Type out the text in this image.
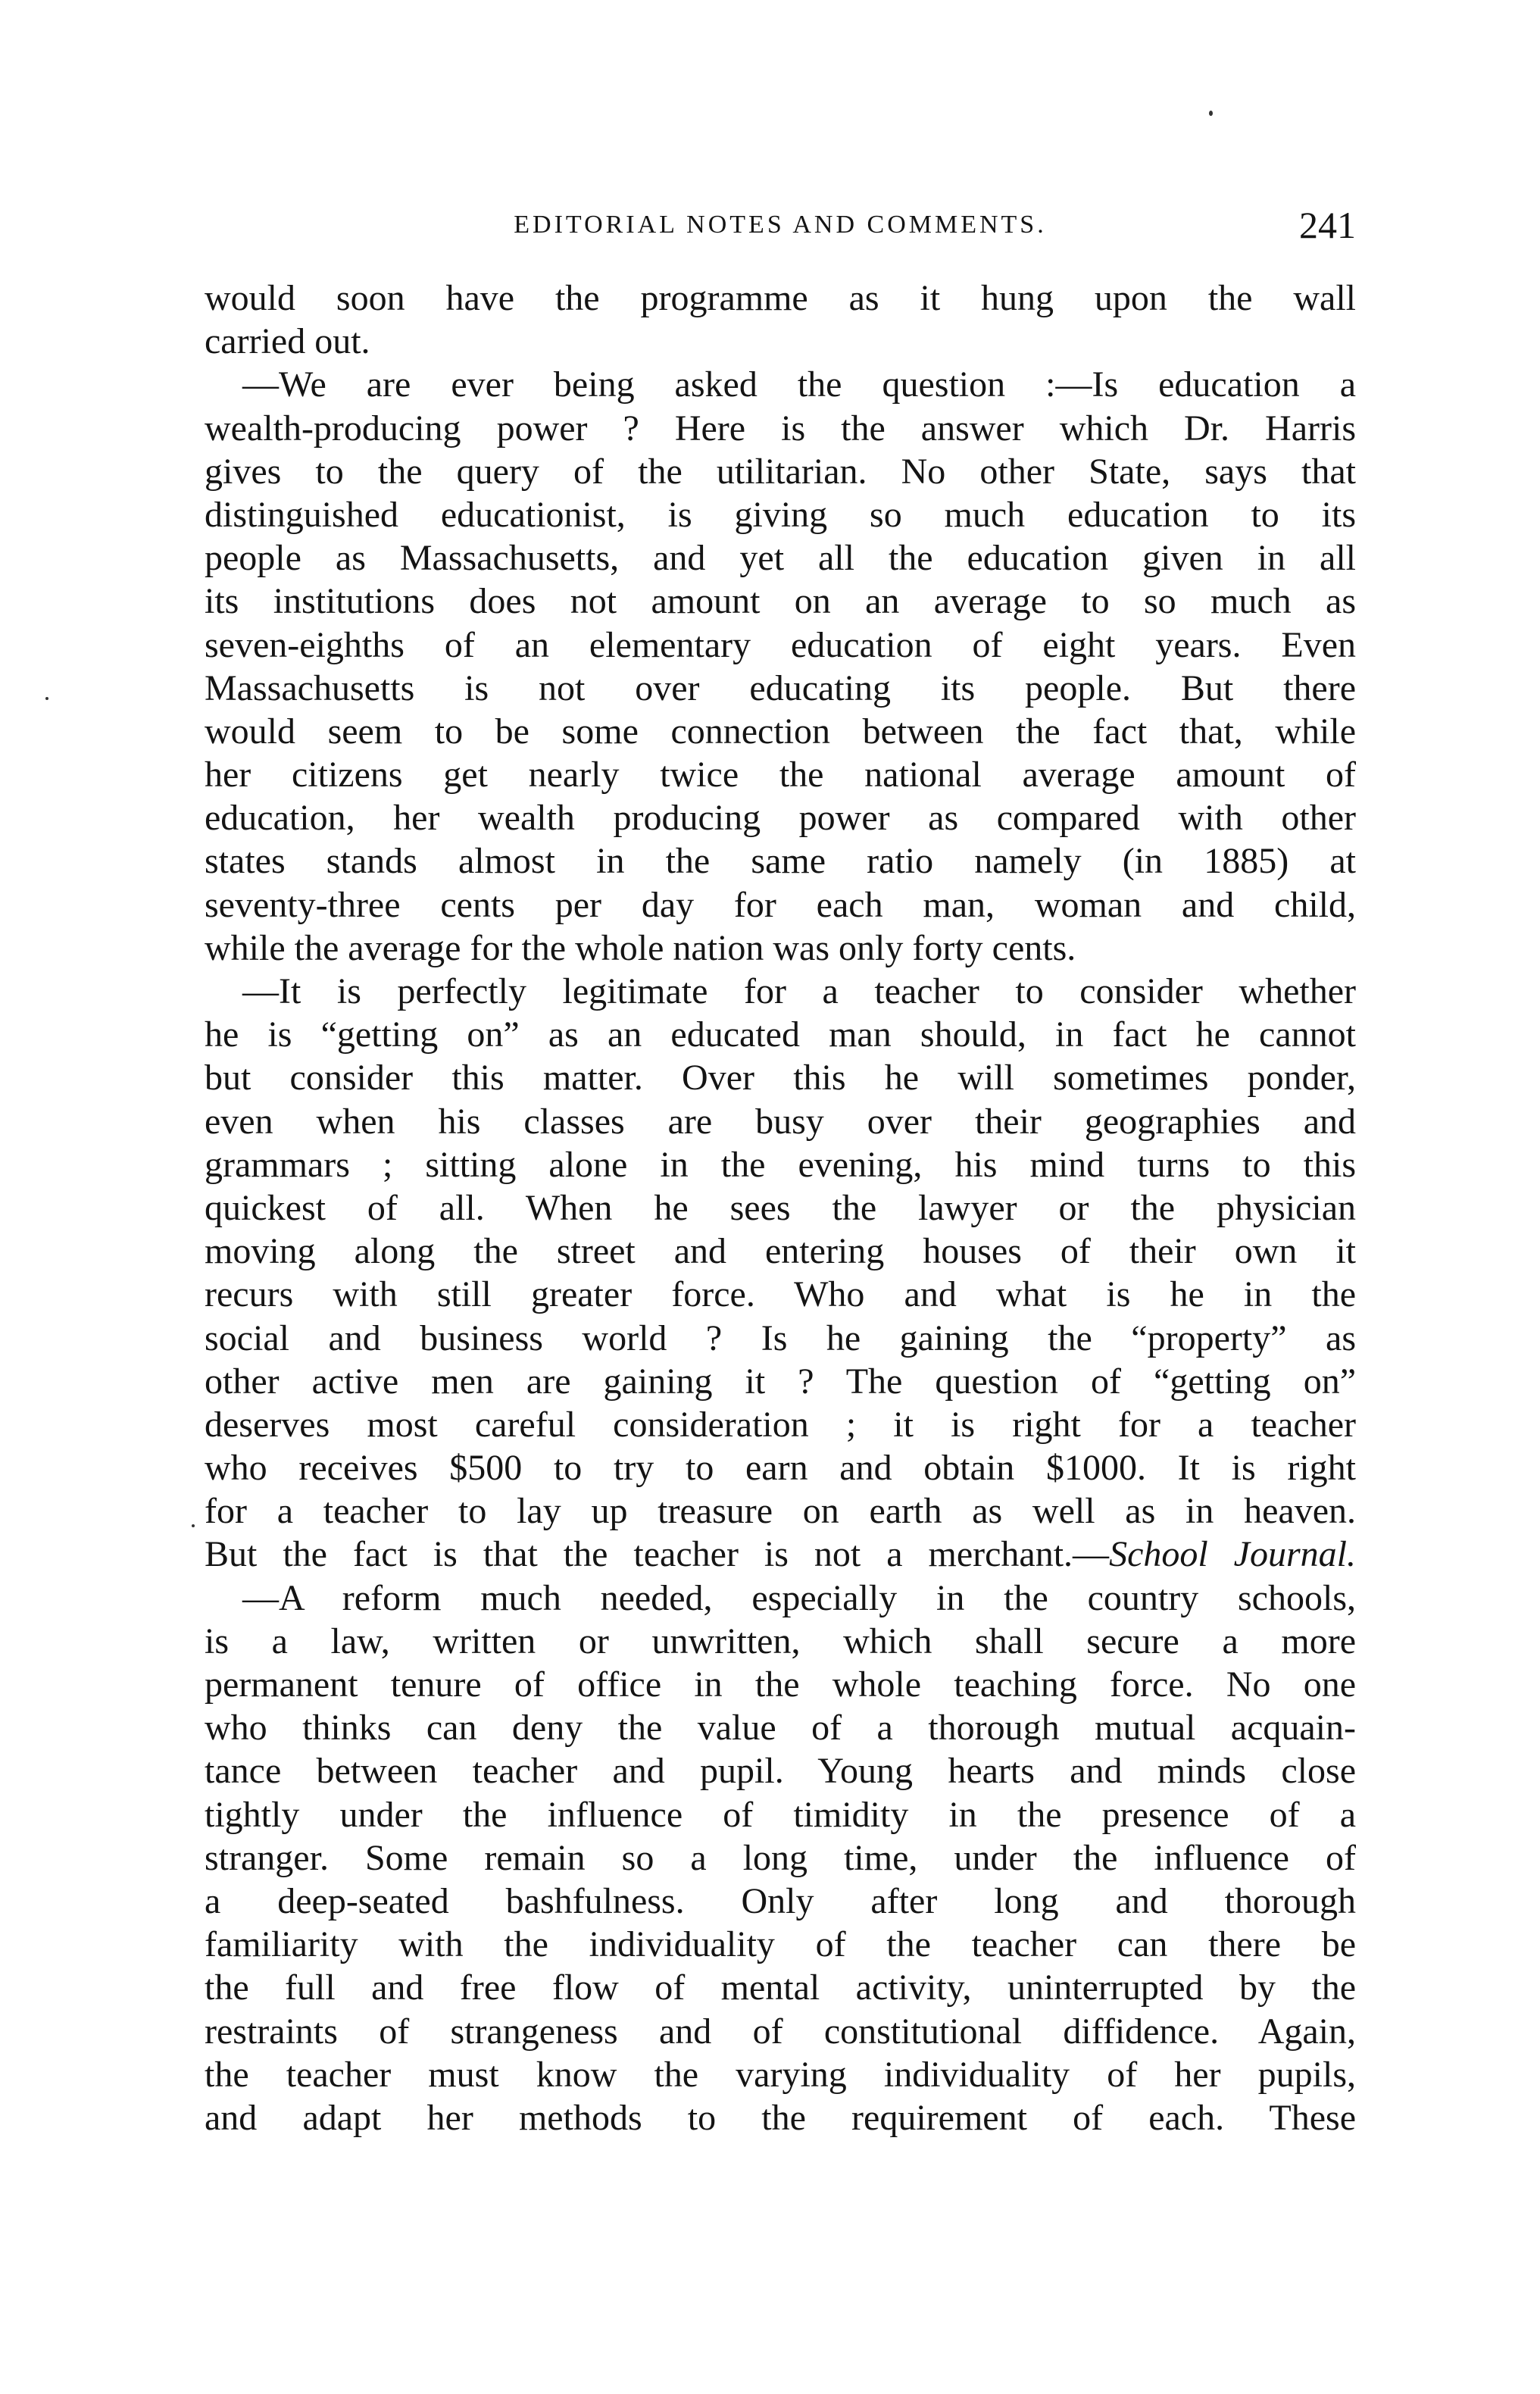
EDITORIAL NOTES AND COMMENTS.	241
would soon have the programme as it hung upon the wall
carried out.
—We are ever being asked the question :—Is education a
wealth-producing power ? Here is the answer which Dr. Harris
gives to the query of the utilitarian. No other State, says that
distinguished educationist, is giving so much education to its
people as Massachusetts, and yet all the education given in all
its institutions does not amount on an average to so much as
seven-eighths of an elementary education of eight years. Even
Massachusetts is not over educating its people. But there
would seem to be some connection between the fact that, while
her citizens get nearly twice the national average amount of
education, her wealth producing power as compared with other
states stands almost in the same ratio namely (in 1885) at
seventy-three cents per day for each man, woman and child,
while the average for the whole nation was only forty cents.
—It is perfectly legitimate for a teacher to consider whether
he is “getting on” as an educated man should, in fact he cannot
but consider this matter. Over this he will sometimes ponder,
even when his classes are busy over their geographies and
grammars ; sitting alone in the evening, his mind turns to this
quickest of all. When he sees the lawyer or the physician
moving along the street and entering houses of their own it
recurs with still greater force. Who and what is he in the
social and business world ? Is he gaining the “property” as
other active men are gaining it ? The question of “getting on”
deserves most careful consideration ; it is right for a teacher
who receives $500 to try to earn and obtain $1000. It is right
for a teacher to lay up treasure on earth as well as in heaven.
But the fact is that the teacher is not a merchant.—School Journal.
—A reform much needed, especially in the country schools,
is a law, written or unwritten, which shall secure a more
permanent tenure of office in the whole teaching force. No one
who thinks can deny the value of a thorough mutual acquain-
tance between teacher and pupil. Young hearts and minds close
tightly under the influence of timidity in the presence of a
stranger. Some remain so a long time, under the influence of
a deep-seated bashfulness. Only after long and thorough
familiarity with the individuality of the teacher can there be
the full and free flow of mental activity, uninterrupted by the
restraints of strangeness and of constitutional diffidence. Again,
the teacher must know the varying individuality of her pupils,
and adapt her methods to the requirement of each. These
